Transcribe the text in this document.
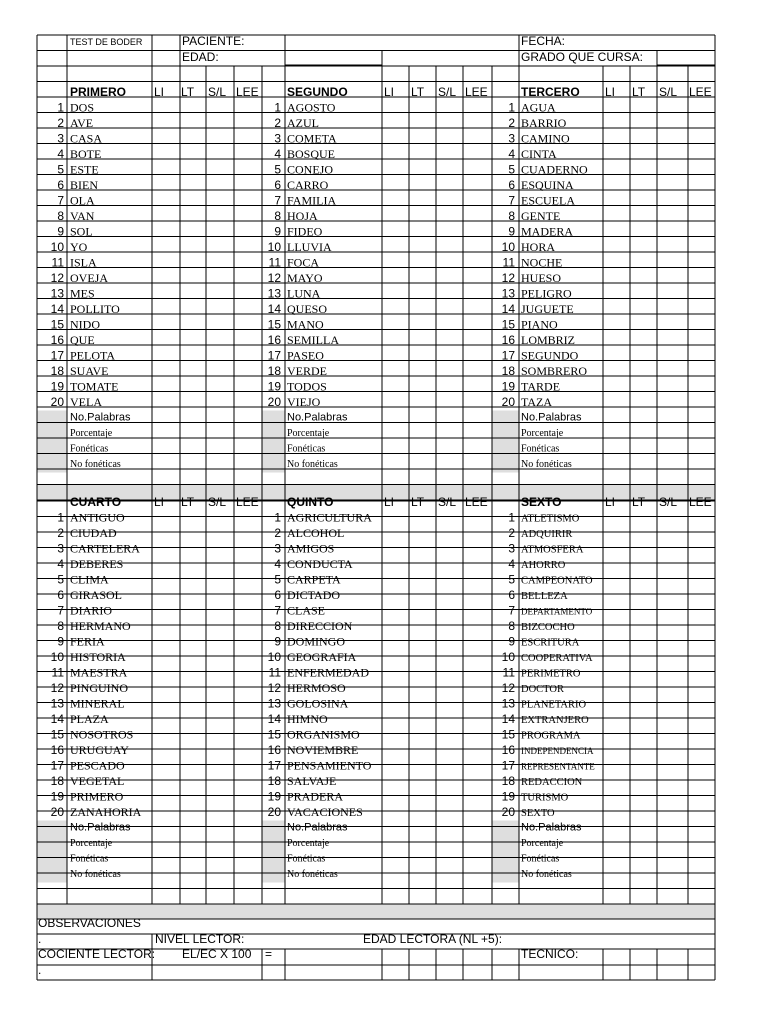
TEST DE BODER	PACIENTE:	FECHA:
EDAD:	GRADO QUE CURSA:
OBSERVACIONES
.	NIVEL LECTOR:	EDAD LECTORA (NL +5):
COCIENTE LECTOR: EL/EC X 100 =	TECNICO:
.
PRIMERO LI LT S/L LEE
1 DOS
2 AVE
3 CASA
4 BOTE
5 ESTE
6 BIEN
7 OLA
8 VAN
9 SOL
10 YO
11 ISLA
12 OVEJA
13 MES
14 POLLITO
15 NIDO
16 QUE
17 PELOTA
18 SUAVE
19 TOMATE
20 VELA
No.Palabras
Porcentaje
Fonéticas
No fonéticas
SEGUNDO	LI LT S/L LEE
1 AGOSTO
2 AZUL
3 COMETA
4 BOSQUE
5 CONEJO
6 CARRO
7 FAMILIA
8 HOJA
9 FIDEO
10 LLUVIA
11 FOCA
12 MAYO
13 LUNA
14 QUESO
15 MANO
16 SEMILLA
17 PASEO
18 VERDE
19 TODOS
20 VIEJO
No.Palabras
Porcentaje
Fonéticas
No fonéticas
TERCERO LI LT S/L LEE
1 AGUA
2 BARRIO
3 CAMINO
4 CINTA
5 CUADERNO
6 ESQUINA
7 ESCUELA
8 GENTE
9 MADERA
10 HORA
11 NOCHE
12 HUESO
13 PELIGRO
14 JUGUETE
15 PIANO
16 LOMBRIZ
17 SEGUNDO
18 SOMBRERO
19 TARDE
20 TAZA
No.Palabras
Porcentaje
Fonéticas
No fonéticas
CUARTO	LI LT S/L LEE
1 ANTIGUO
2 CIUDAD
3 CARTELERA
4 DEBERES
5 CLIMA
6 GIRASOL
7 DIARIO
8 HERMANO
9 FERIA
10 HISTORIA
11 MAESTRA
12 PINGUINO
13 MINERAL
14 PLAZA
15 NOSOTROS
16 URUGUAY
17 PESCADO
18 VEGETAL
19 PRIMERO
20 ZANAHORIA
No.Palabras
Porcentaje
Fonéticas
No fonéticas
QUINTO	LI LT S/L LEE
1 AGRICULTURA
2 ALCOHOL
3 AMIGOS
4 CONDUCTA
5 CARPETA
6 DICTADO
7 CLASE
8 DIRECCION
9 DOMINGO
10 GEOGRAFIA
11 ENFERMEDAD
12 HERMOSO
13 GOLOSINA
14 HIMNO
15 ORGANISMO
16 NOVIEMBRE
17 PENSAMIENTO
18 SALVAJE
19 PRADERA
20 VACACIONES
No.Palabras
Porcentaje
Fonéticas
No fonéticas
SEXTO	LI LT S/L LEE
1 ATLETISMO
2 ADQUIRIR
3 ATMOSFERA
4 AHORRO
5 CAMPEONATO
6 BELLEZA
7 DEPARTAMENTO
8 BIZCOCHO
9 ESCRITURA
10 COOPERATIVA
11 PERIMETRO
12 DOCTOR
13 PLANETARIO
14 EXTRANJERO
15 PROGRAMA
16 INDEPENDENCIA
17 REPRESENTANTE
18 REDACCION
19 TURISMO
20 SEXTO
No.Palabras
Porcentaje
Fonéticas
No fonéticas
